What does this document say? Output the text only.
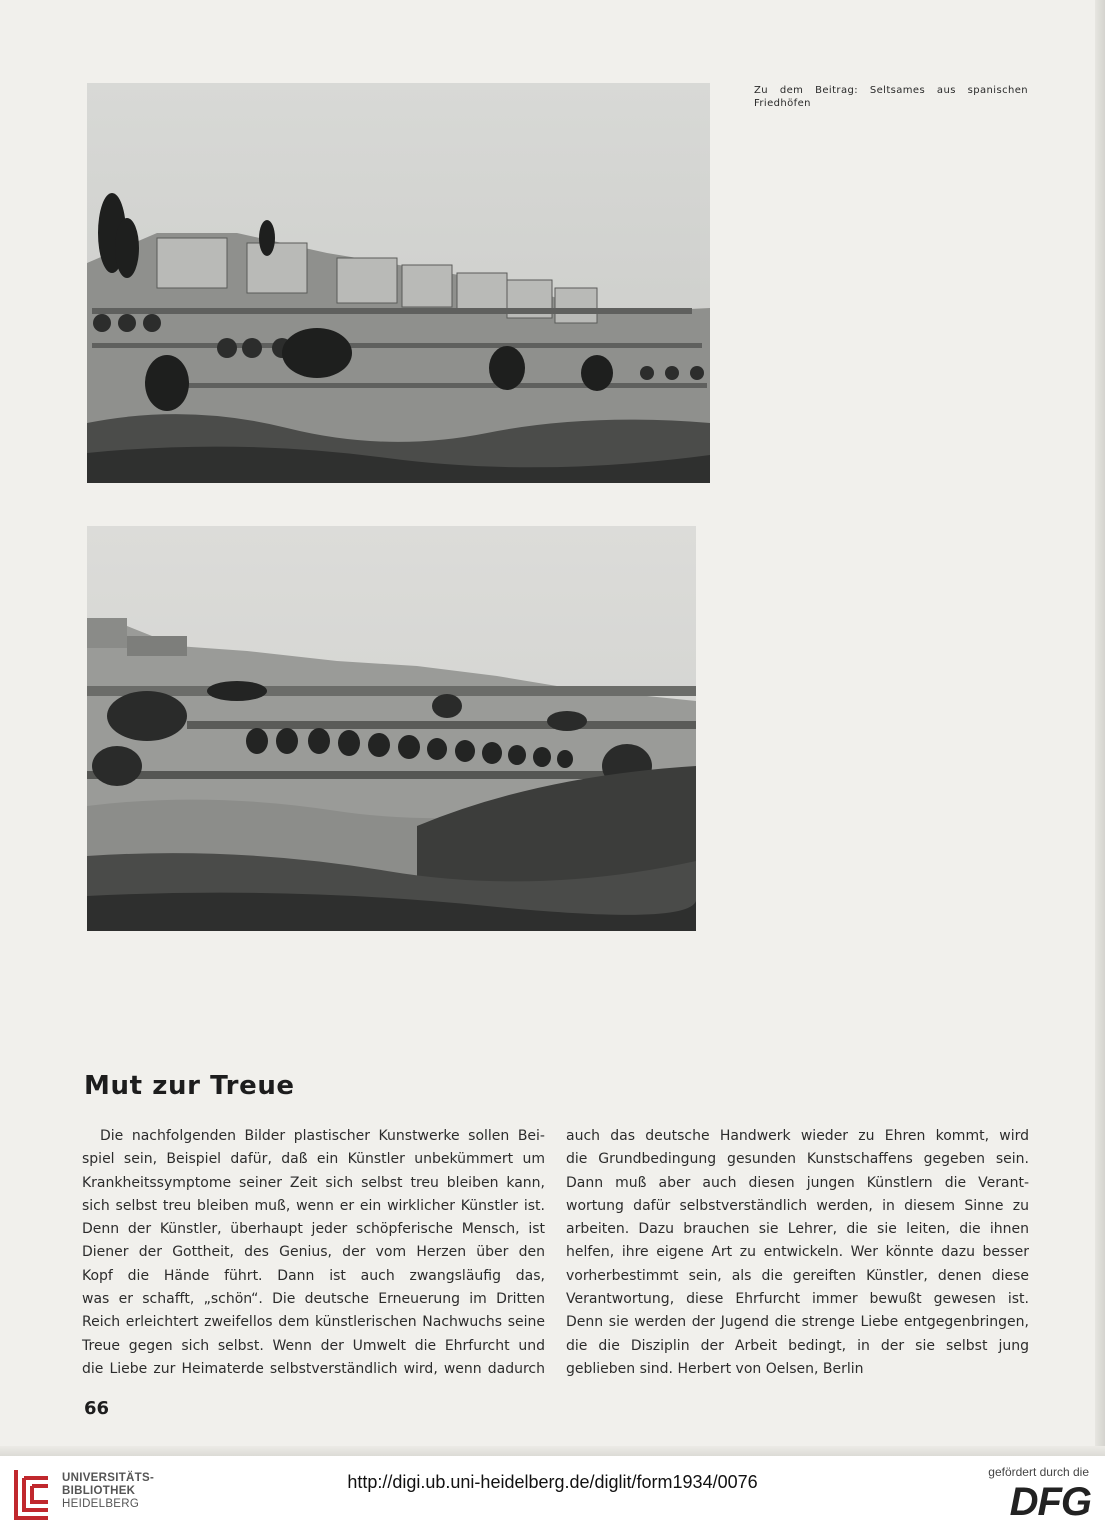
Zu dem Beitrag: Seltsames aus spanischen
Friedhöfen
Mut zur Treue
Die nachfolgenden Bilder plastischer Kunstwerke sollen Bei-
spiel sein, Beispiel dafür, daß ein Künstler unbekümmert um
Krankheitssymptome seiner Zeit sich selbst treu bleiben kann,
sich selbst treu bleiben muß, wenn er ein wirklicher Künstler ist.
Denn der Künstler, überhaupt jeder schöpferische Mensch, ist
Diener der Gottheit, des Genius, der vom Herzen über den
Kopf die Hände führt. Dann ist auch zwangsläufig das,
was er schafft, „schön“. Die deutsche Erneuerung im Dritten
Reich erleichtert zweifellos dem künstlerischen Nachwuchs seine
Treue gegen sich selbst. Wenn der Umwelt die Ehrfurcht und
die Liebe zur Heimaterde selbstverständlich wird, wenn dadurch
auch das deutsche Handwerk wieder zu Ehren kommt, wird
die Grundbedingung gesunden Kunstschaffens gegeben sein.
Dann muß aber auch diesen jungen Künstlern die Verant-
wortung dafür selbstverständlich werden, in diesem Sinne zu
arbeiten. Dazu brauchen sie Lehrer, die sie leiten, die ihnen
helfen, ihre eigene Art zu entwickeln. Wer könnte dazu besser
vorherbestimmt sein, als die gereiften Künstler, denen diese
Verantwortung, diese Ehrfurcht immer bewußt gewesen ist.
Denn sie werden der Jugend die strenge Liebe entgegenbringen,
die die Disziplin der Arbeit bedingt, in der sie selbst jung
geblieben sind. Herbert von Oelsen, Berlin
66
UNIVERSITÄTS-
BIBLIOTHEK
HEIDELBERG
http://digi.ub.uni-heidelberg.de/diglit/form1934/0076	gefördert durch die
DFG
